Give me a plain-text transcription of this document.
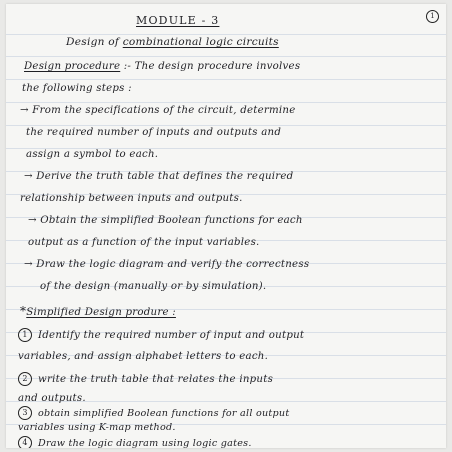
1
MODULE - 3
Design of combinational logic circuits
Design procedure :- The design procedure involves
the following steps :
→ From the specifications of the circuit, determine
the required number of inputs and outputs and
assign a symbol to each.
→ Derive the truth table that defines the required
relationship between inputs and outputs.
→ Obtain the simplified Boolean functions for each
output as a function of the input variables.
→ Draw the logic diagram and verify the correctness
of the design (manually or by simulation).
*Simplified Design produre :
1 Identify the required number of input and output
variables, and assign alphabet letters to each.
2 write the truth table that relates the inputs
and outputs.
3 obtain simplified Boolean functions for all output
variables using K-map method.
4 Draw the logic diagram using logic gates.
